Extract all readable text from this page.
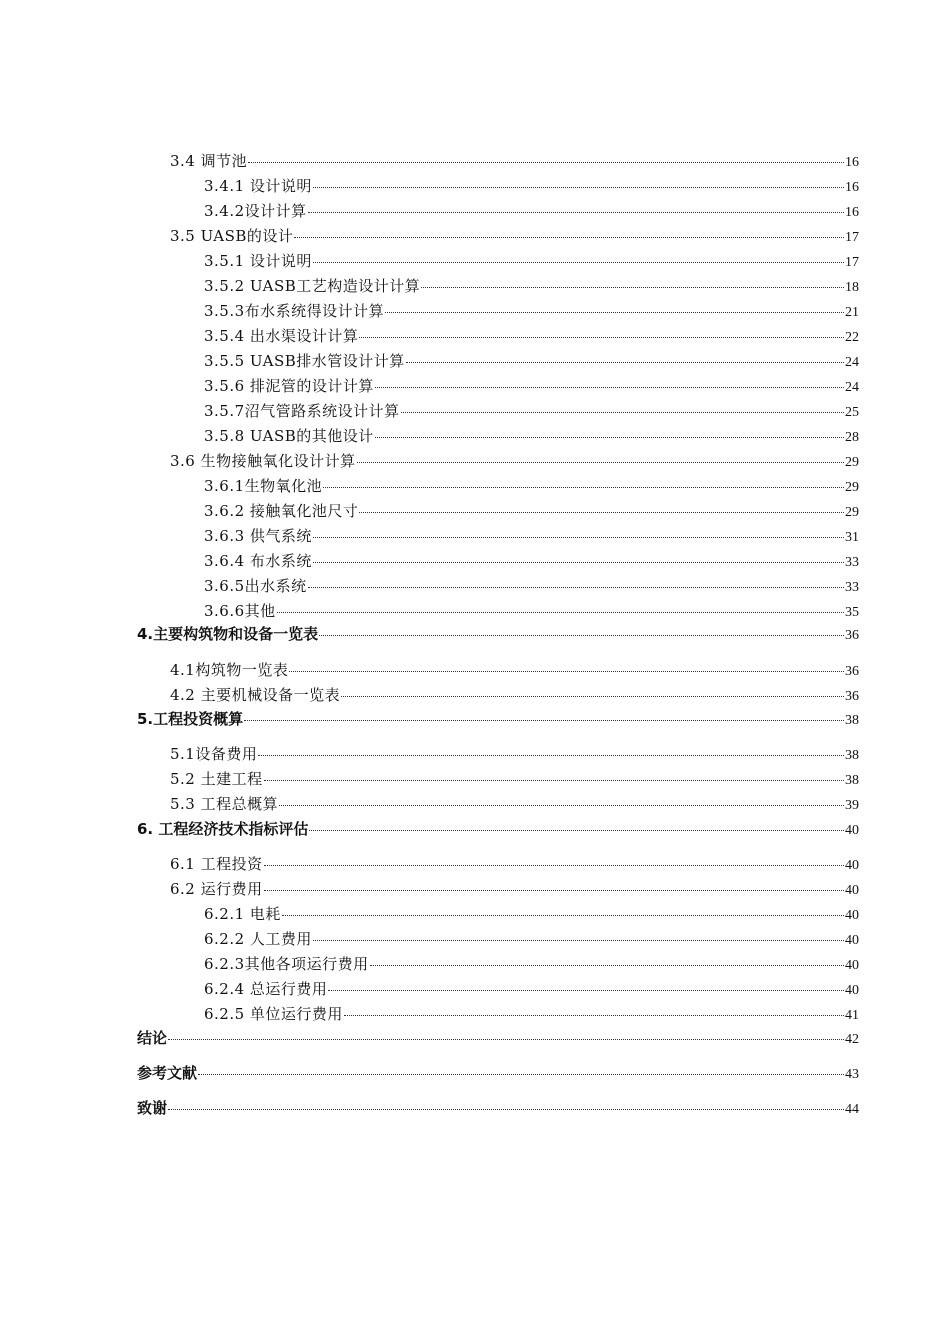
3.4 调节池	16
3.4.1 设计说明	16
3.4.2设计计算	16
3.5 UASB的设计	17
3.5.1 设计说明	17
3.5.2 UASB工艺构造设计计算	18
3.5.3布水系统得设计计算	21
3.5.4 出水渠设计计算	22
3.5.5 UASB排水管设计计算	24
3.5.6 排泥管的设计计算	24
3.5.7沼气管路系统设计计算	25
3.5.8 UASB的其他设计	28
3.6 生物接触氧化设计计算	29
3.6.1生物氧化池	29
3.6.2 接触氧化池尺寸	29
3.6.3 供气系统	31
3.6.4 布水系统	33
3.6.5出水系统	33
3.6.6其他	35
4.主要构筑物和设备一览表	36
4.1构筑物一览表	36
4.2 主要机械设备一览表	36
5.工程投资概算	38
5.1设备费用	38
5.2 土建工程	38
5.3 工程总概算	39
6. 工程经济技术指标评估	40
6.1 工程投资	40
6.2 运行费用	40
6.2.1 电耗	40
6.2.2 人工费用	40
6.2.3其他各项运行费用	40
6.2.4 总运行费用	40
6.2.5 单位运行费用	41
结论	42
参考文献	43
致谢	44
